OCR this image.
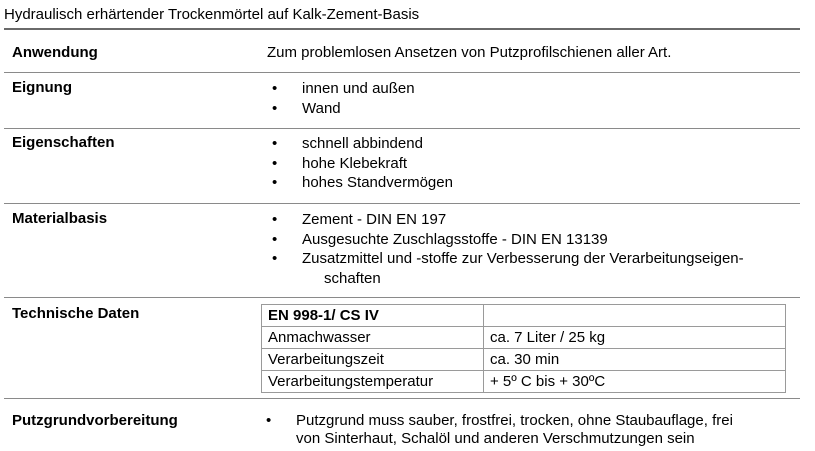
Hydraulisch erhärtender Trockenmörtel auf Kalk-Zement-Basis
Anwendung	Zum problemlosen Ansetzen von Putzprofilschienen aller Art.
Eignung	• innen und außen
• Wand
Eigenschaften	• schnell abbindend
• hohe Klebekraft
• hohes Standvermögen
Materialbasis	• Zement - DIN EN 197
• Ausgesuchte Zuschlagsstoffe - DIN EN 13139
• Zusatzmittel und -stoffe zur Verbesserung der Verarbeitungseigen-
schaften
Technische Daten	EN 998-1/ CS IV	
Anmachwasser	ca. 7 Liter / 25 kg
Verarbeitungszeit	ca. 30 min
Verarbeitungstemperatur	+ 5º C bis + 30ºC
Putzgrundvorbereitung	• Putzgrund muss sauber, frostfrei, trocken, ohne Staubauflage, frei
von Sinterhaut, Schalöl und anderen Verschmutzungen sein
